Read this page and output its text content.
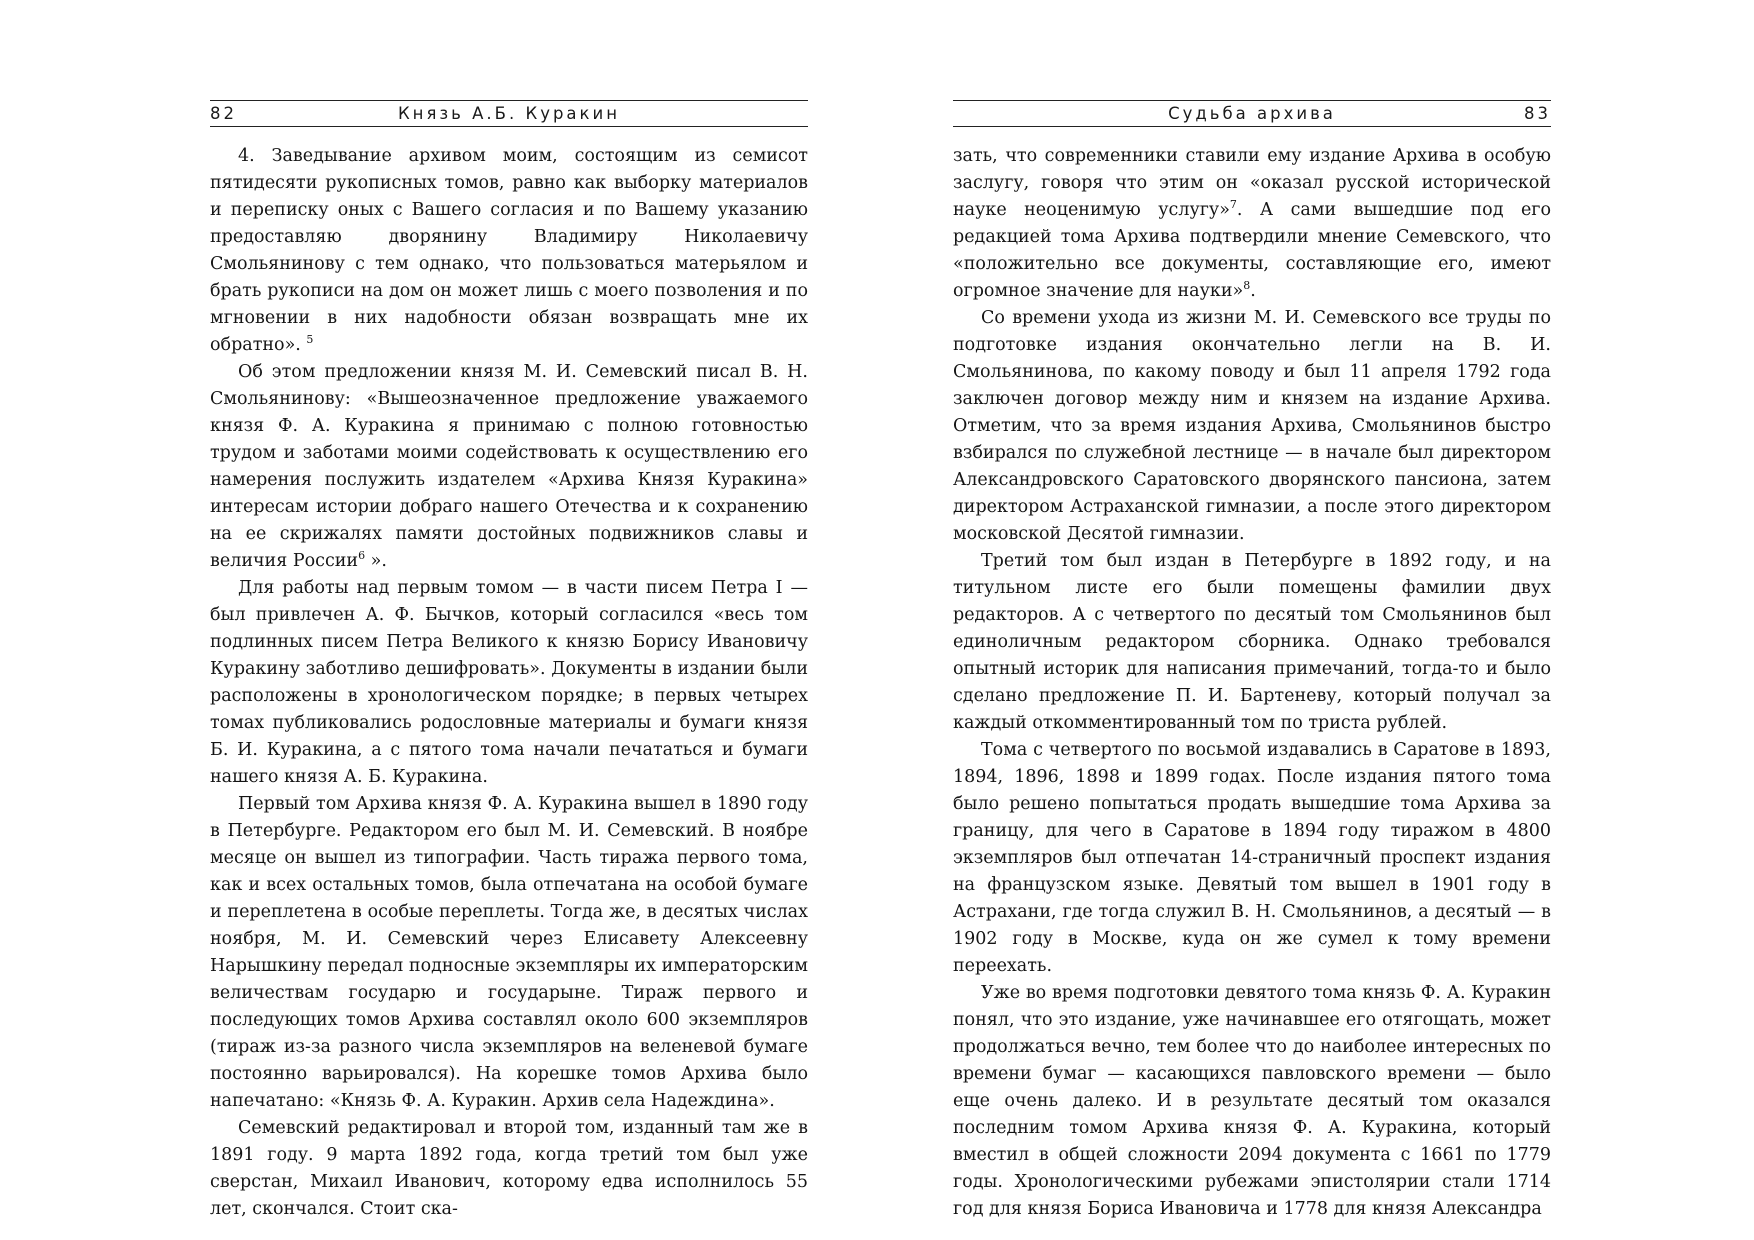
82	Князь А.Б. Куракин

4. Заведывание архивом моим, состоящим из семисот пятидесяти рукописных томов, равно как выборку материалов и переписку оных с Вашего согласия и по Вашему указанию предоставляю дворянину Владимиру Николаевичу Смольянинову с тем однако, что пользоваться матерьялом и брать рукописи на дом он может лишь с моего позволения и по мгновении в них надобности обязан возвращать мне их обратно». $^5$

Об этом предложении князя М. И. Семевский писал В. Н. Смольянинову: «Вышеозначенное предложение уважаемого князя Ф. А. Куракина я принимаю с полною готовностью трудом и заботами моими содействовать к осуществлению его намерения послужить издателем «Архива Князя Куракина» интересам истории добраго нашего Отечества и к сохранению на ее скрижалях памяти достойных подвижников славы и величия России$^6$ ».

Для работы над первым томом — в части писем Петра I — был привлечен А. Ф. Бычков, который согласился «весь том подлинных писем Петра Великого к князю Борису Ивановичу Куракину заботливо дешифровать». Документы в издании были расположены в хронологическом порядке; в первых четырех томах публиковались родословные материалы и бумаги князя Б. И. Куракина, а с пятого тома начали печататься и бумаги нашего князя А. Б. Куракина.

Первый том Архива князя Ф. А. Куракина вышел в 1890 году в Петербурге. Редактором его был М. И. Семевский. В ноябре месяце он вышел из типографии. Часть тиража первого тома, как и всех остальных томов, была отпечатана на особой бумаге и переплетена в особые переплеты. Тогда же, в десятых числах ноября, М. И. Семевский через Елисавету Алексеевну Нарышкину передал подносные экземпляры их императорским величествам государю и государыне. Тираж первого и последующих томов Архива составлял около 600 экземпляров (тираж из-за разного числа экземпляров на веленевой бумаге постоянно варьировался). На корешке томов Архива было напечатано: «Князь Ф. А. Куракин. Архив села Надеждина».

Семевский редактировал и второй том, изданный там же в 1891 году. 9 марта 1892 года, когда третий том был уже сверстан, Михаил Иванович, которому едва исполнилось 55 лет, скончался. Стоит ска-

Судьба архива	83

зать, что современники ставили ему издание Архива в особую заслугу, говоря что этим он «оказал русской исторической науке неоценимую услугу»$^7$. А сами вышедшие под его редакцией тома Архива подтвердили мнение Семевского, что «положительно все документы, составляющие его, имеют огромное значение для науки»$^8$.

Со времени ухода из жизни М. И. Семевского все труды по подготовке издания окончательно легли на В. И. Смольянинова, по какому поводу и был 11 апреля 1792 года заключен договор между ним и князем на издание Архива. Отметим, что за время издания Архива, Смольянинов быстро взбирался по служебной лестнице — в начале был директором Александровского Саратовского дворянского пансиона, затем директором Астраханской гимназии, а после этого директором московской Десятой гимназии.

Третий том был издан в Петербурге в 1892 году, и на титульном листе его были помещены фамилии двух редакторов. А с четвертого по десятый том Смольянинов был единоличным редактором сборника. Однако требовался опытный историк для написания примечаний, тогда-то и было сделано предложение П. И. Бартеневу, который получал за каждый откомментированный том по триста рублей.

Тома с четвертого по восьмой издавались в Саратове в 1893, 1894, 1896, 1898 и 1899 годах. После издания пятого тома было решено попытаться продать вышедшие тома Архива за границу, для чего в Саратове в 1894 году тиражом в 4800 экземпляров был отпечатан 14-страничный проспект издания на французском языке. Девятый том вышел в 1901 году в Астрахани, где тогда служил В. Н. Смольянинов, а десятый — в 1902 году в Москве, куда он же сумел к тому времени переехать.

Уже во время подготовки девятого тома князь Ф. А. Куракин понял, что это издание, уже начинавшее его отягощать, может продолжаться вечно, тем более что до наиболее интересных по времени бумаг — касающихся павловского времени — было еще очень далеко. И в результате десятый том оказался последним томом Архива князя Ф. А. Куракина, который вместил в общей сложности 2094 документа с 1661 по 1779 годы. Хронологическими рубежами эпистолярии стали 1714 год для князя Бориса Ивановича и 1778 для князя Александра
